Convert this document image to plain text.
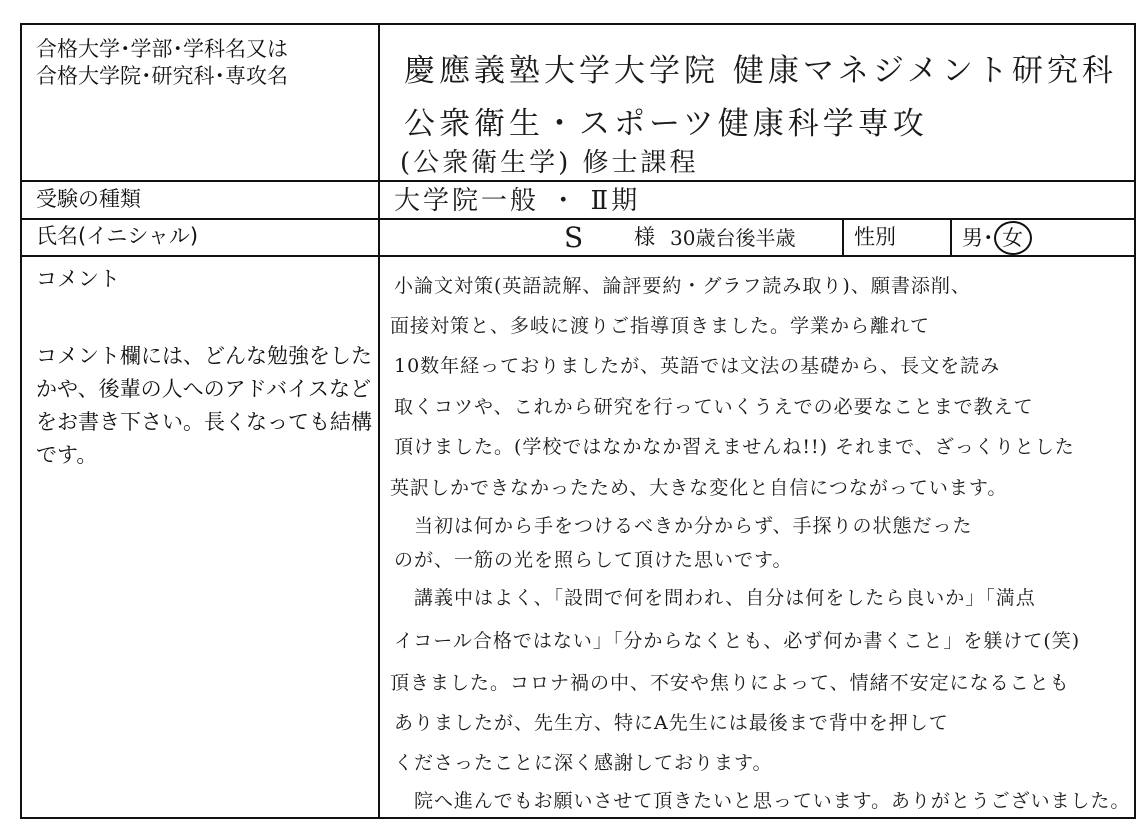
合格大学･学部･学科名又は
合格大学院･研究科･専攻名
受験の種類
氏名(イニシャル)
コメント
コメント欄には、どんな勉強をしたかや、後輩の人へのアドバイスなどをお書き下さい。長くなっても結構です。
慶應義塾大学大学院 健康マネジメント研究科
公衆衛生・スポーツ健康科学専攻
(公衆衛生学) 修士課程
大学院一般 ・ Ⅱ期
S 様 30歳台後半歳	性別	男･ 女
小論文対策(英語読解、論評要約・グラフ読み取り)、願書添削、
面接対策と、多岐に渡りご指導頂きました。学業から離れて
10数年経っておりましたが、英語では文法の基礎から、長文を読み
取くコツや、これから研究を行っていくうえでの必要なことまで教えて
頂けました。(学校ではなかなか習えませんね!!) それまで、ざっくりとした
英訳しかできなかったため、大きな変化と自信につながっています。
当初は何から手をつけるべきか分からず、手探りの状態だった
のが、一筋の光を照らして頂けた思いです。
講義中はよく、「設問で何を問われ、自分は何をしたら良いか」「満点
イコール合格ではない」「分からなくとも、必ず何か書くこと」を躾けて(笑)
頂きました。コロナ禍の中、不安や焦りによって、情緒不安定になることも
ありましたが、先生方、特にA先生には最後まで背中を押して
くださったことに深く感謝しております。
院へ進んでもお願いさせて頂きたいと思っています。ありがとうございました。
